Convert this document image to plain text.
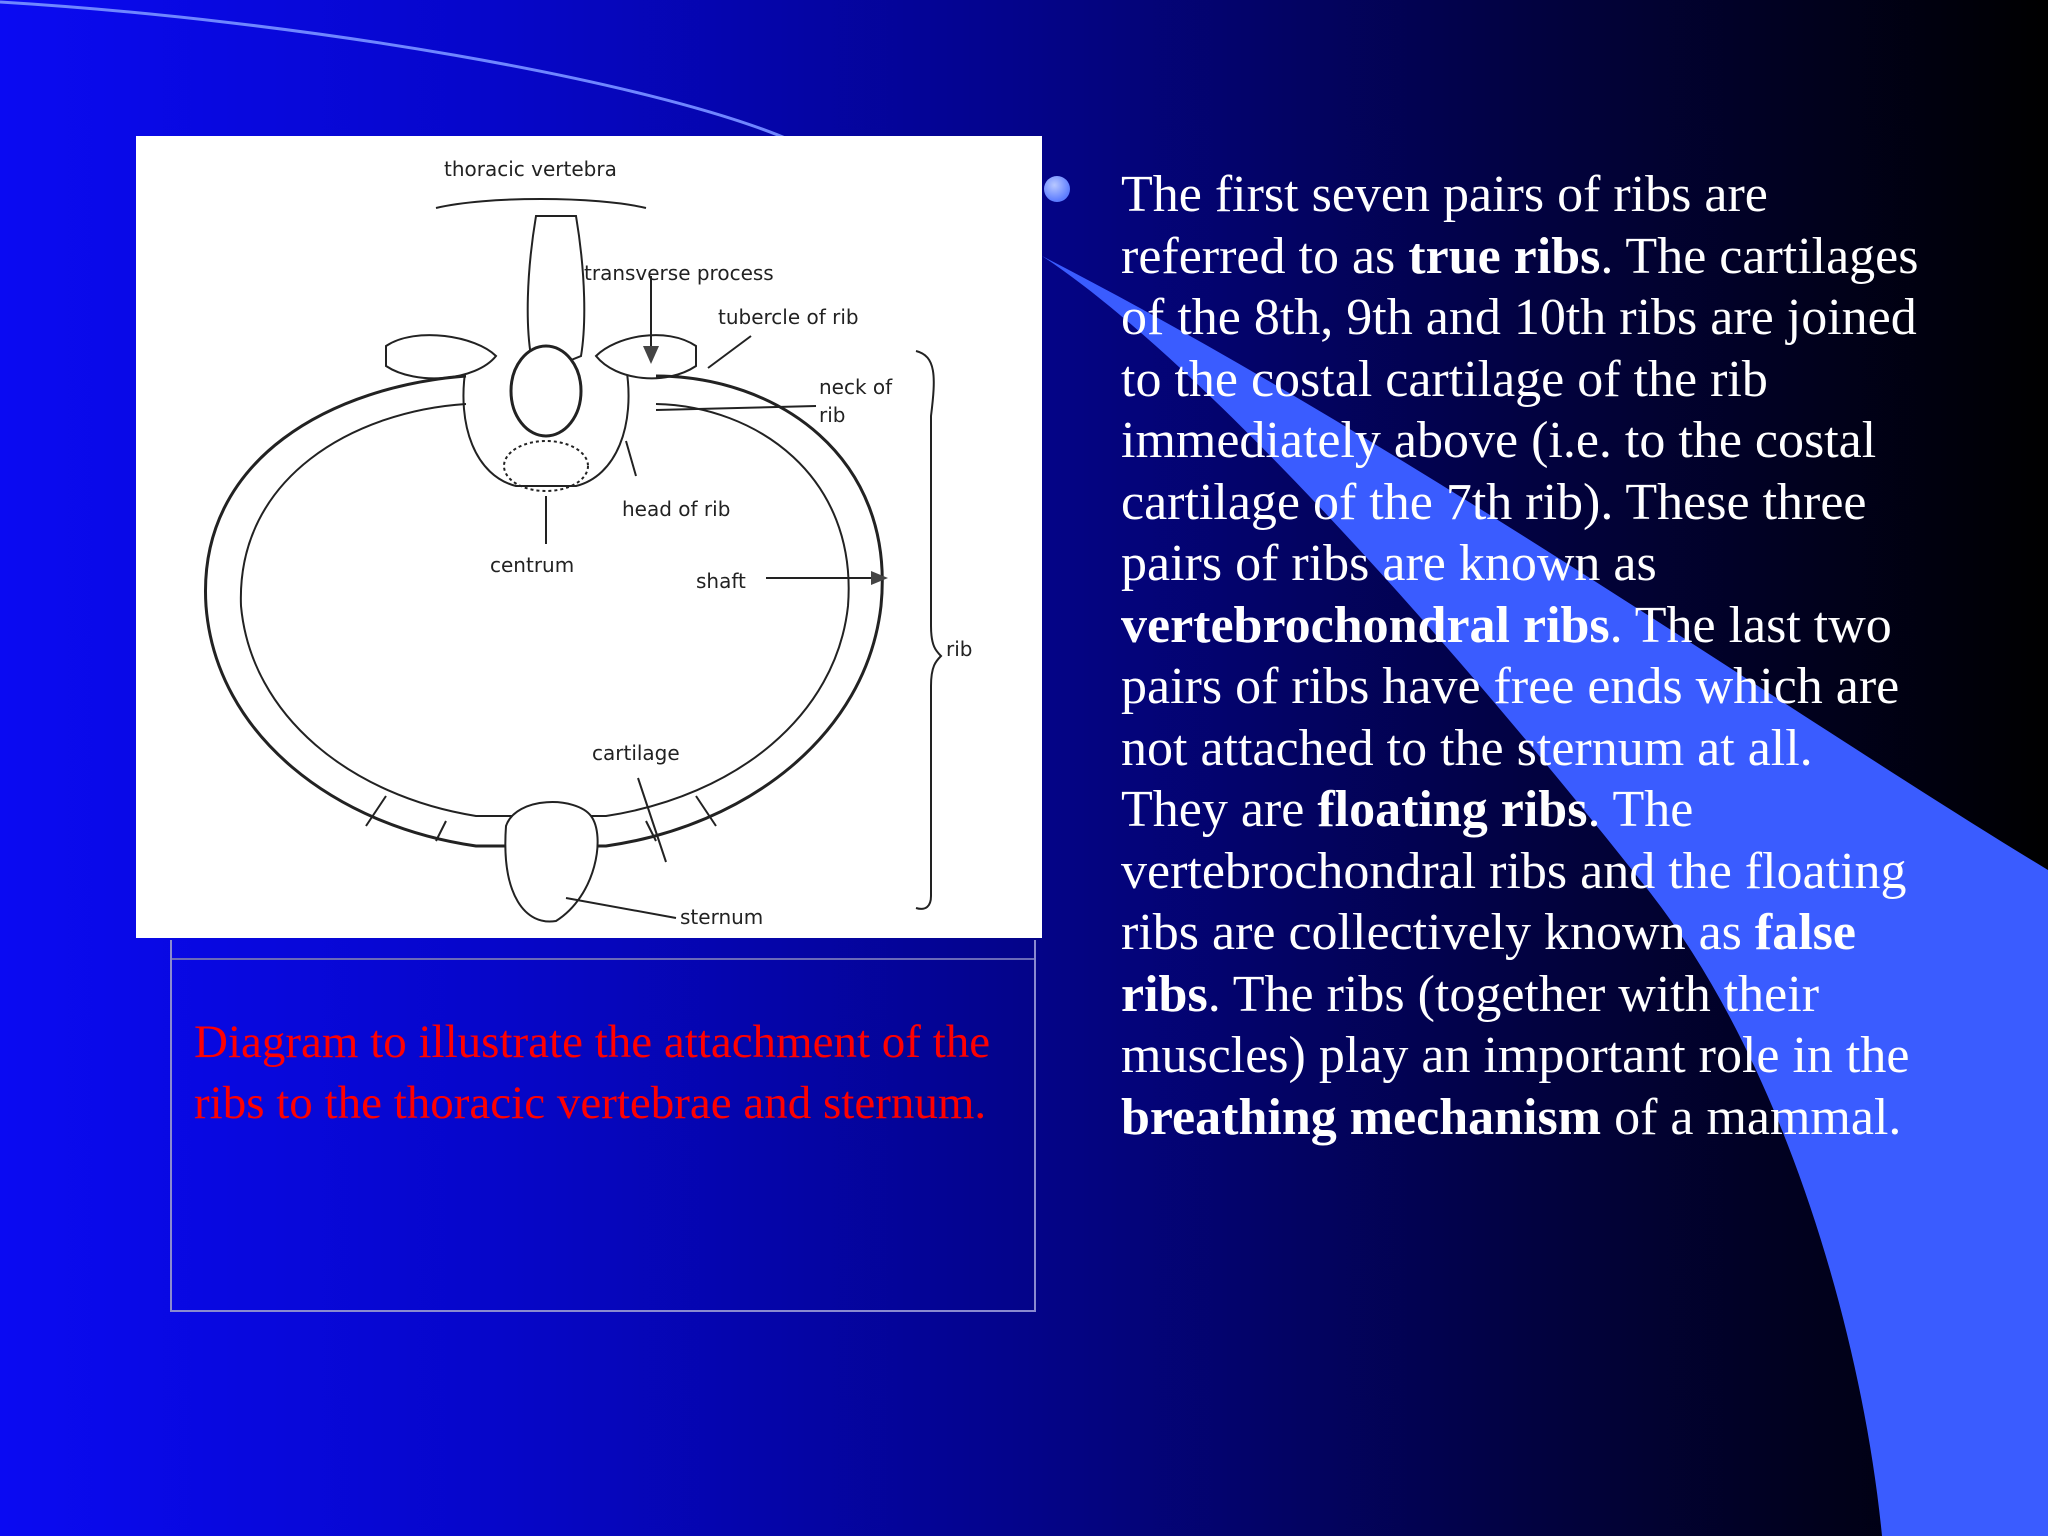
thoracic vertebra
transverse process
tubercle of rib
neck of
rib
head of rib
centrum
shaft
rib
cartilage
sternum
Diagram to illustrate the attachment of the ribs to the thoracic vertebrae and sternum.
The first seven pairs of ribs are referred to as true ribs. The cartilages of the 8th, 9th and 10th ribs are joined to the costal cartilage of the rib immediately above (i.e. to the costal cartilage of the 7th rib). These three pairs of ribs are known as vertebrochondral ribs. The last two pairs of ribs have free ends which are not attached to the sternum at all. They are floating ribs. The vertebrochondral ribs and the floating ribs are collectively known as false ribs. The ribs (together with their muscles) play an important role in the breathing mechanism of a mammal.
